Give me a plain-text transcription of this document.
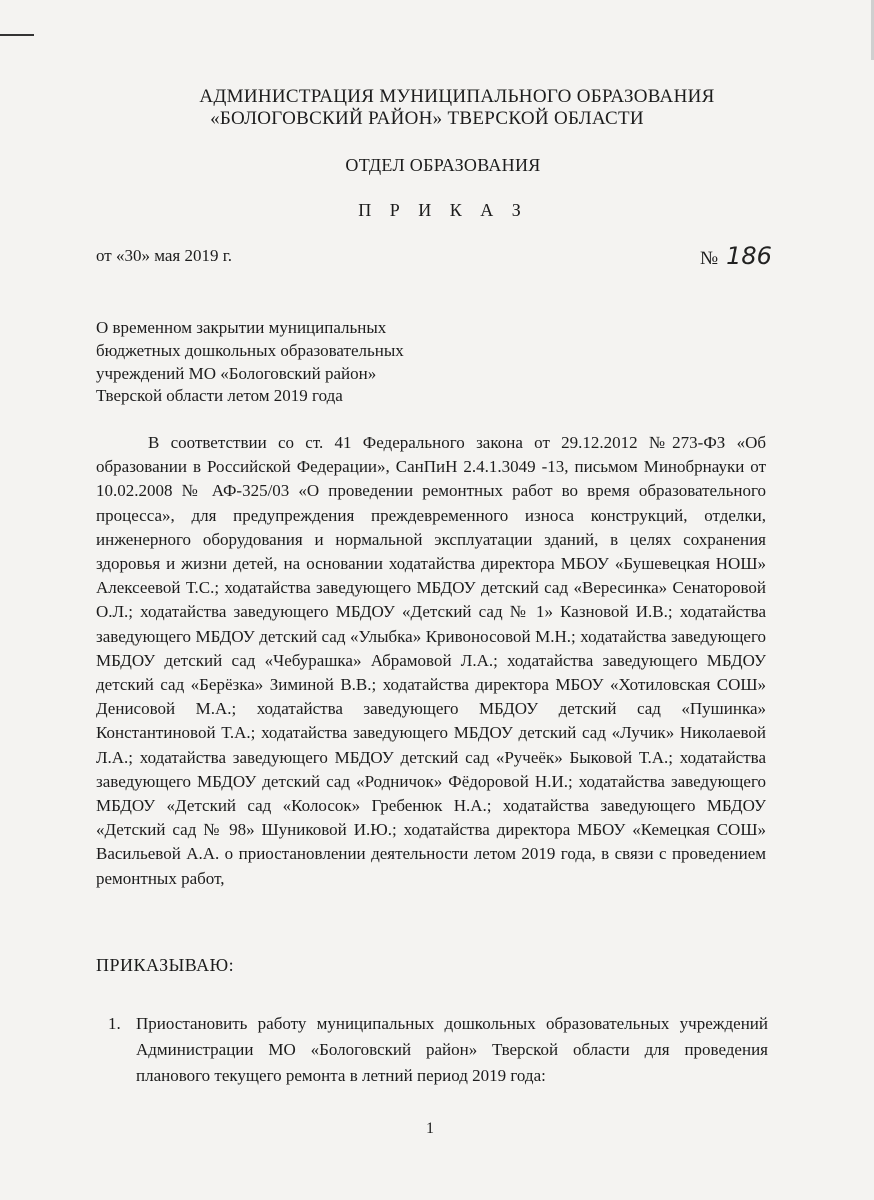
АДМИНИСТРАЦИЯ МУНИЦИПАЛЬНОГО ОБРАЗОВАНИЯ
«БОЛОГОВСКИЙ РАЙОН» ТВЕРСКОЙ ОБЛАСТИ
ОТДЕЛ ОБРАЗОВАНИЯ
П Р И К А З
от «30» мая 2019 г.	№ 186
О временном закрытии муниципальных
бюджетных дошкольных образовательных
учреждений МО «Бологовский район»
Тверской области летом 2019 года

В соответствии со ст. 41 Федерального закона от 29.12.2012 №273-ФЗ «Об образовании в Российской Федерации», СанПиН 2.4.1.3049 -13, письмом Минобрнауки от 10.02.2008 № АФ-325/03 «О проведении ремонтных работ во время образовательного процесса», для предупреждения преждевременного износа конструкций, отделки, инженерного оборудования и нормальной эксплуатации зданий, в целях сохранения здоровья и жизни детей, на основании ходатайства директора МБОУ «Бушевецкая НОШ» Алексеевой Т.С.; ходатайства заведующего МБДОУ детский сад «Вересинка» Сенаторовой О.Л.; ходатайства заведующего МБДОУ «Детский сад № 1» Казновой И.В.; ходатайства заведующего МБДОУ детский сад «Улыбка» Кривоносовой М.Н.; ходатайства заведующего МБДОУ детский сад «Чебурашка» Абрамовой Л.А.; ходатайства заведующего МБДОУ детский сад «Берёзка» Зиминой В.В.; ходатайства директора МБОУ «Хотиловская СОШ» Денисовой М.А.; ходатайства заведующего МБДОУ детский сад «Пушинка» Константиновой Т.А.; ходатайства заведующего МБДОУ детский сад «Лучик» Николаевой Л.А.; ходатайства заведующего МБДОУ детский сад «Ручеёк» Быковой Т.А.; ходатайства заведующего МБДОУ детский сад «Родничок» Фёдоровой Н.И.; ходатайства заведующего МБДОУ «Детский сад «Колосок» Гребенюк Н.А.; ходатайства заведующего МБДОУ «Детский сад № 98» Шуниковой И.Ю.; ходатайства директора МБОУ «Кемецкая СОШ» Васильевой А.А. о приостановлении деятельности летом 2019 года, в связи с проведением ремонтных работ,

ПРИКАЗЫВАЮ:
1. Приостановить работу муниципальных дошкольных образовательных учреждений Администрации МО «Бологовский район» Тверской области для проведения планового текущего ремонта в летний период 2019 года:
1
